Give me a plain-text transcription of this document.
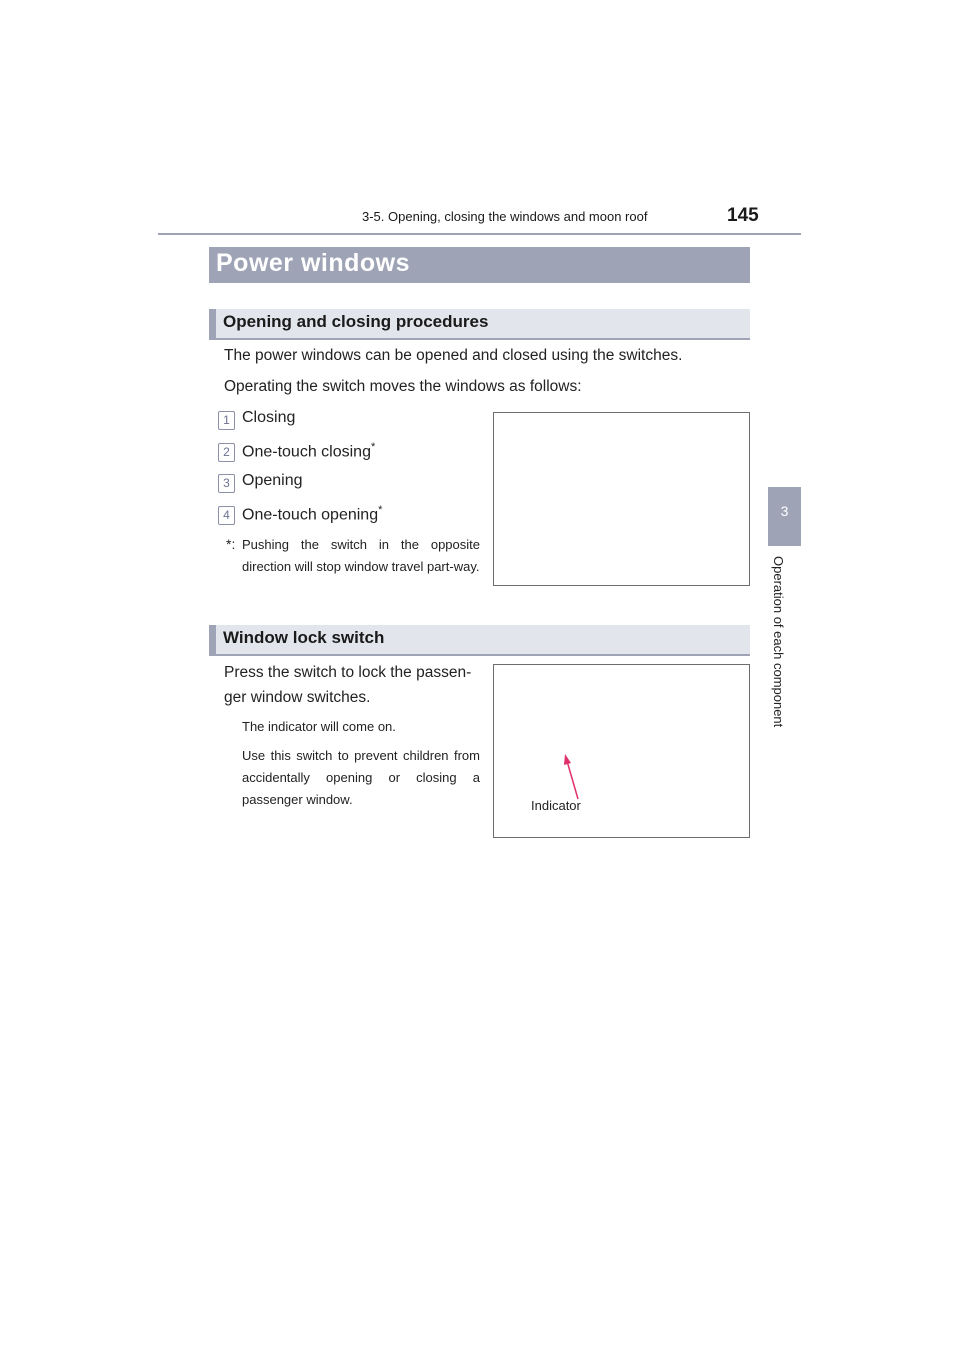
3-5. Opening, closing the windows and moon roof	145
3
Operation of each component
Power windows
Opening and closing procedures
The power windows can be opened and closed using the switches.
Operating the switch moves the windows as follows:
1 Closing
2 One-touch closing*
3 Opening
4 One-touch opening*
*: Pushing the switch in the opposite direction will stop window travel part-way.
Window lock switch
Press the switch to lock the passen- ger window switches.
The indicator will come on.
Use this switch to prevent children from accidentally opening or closing a passenger window.	Indicator
